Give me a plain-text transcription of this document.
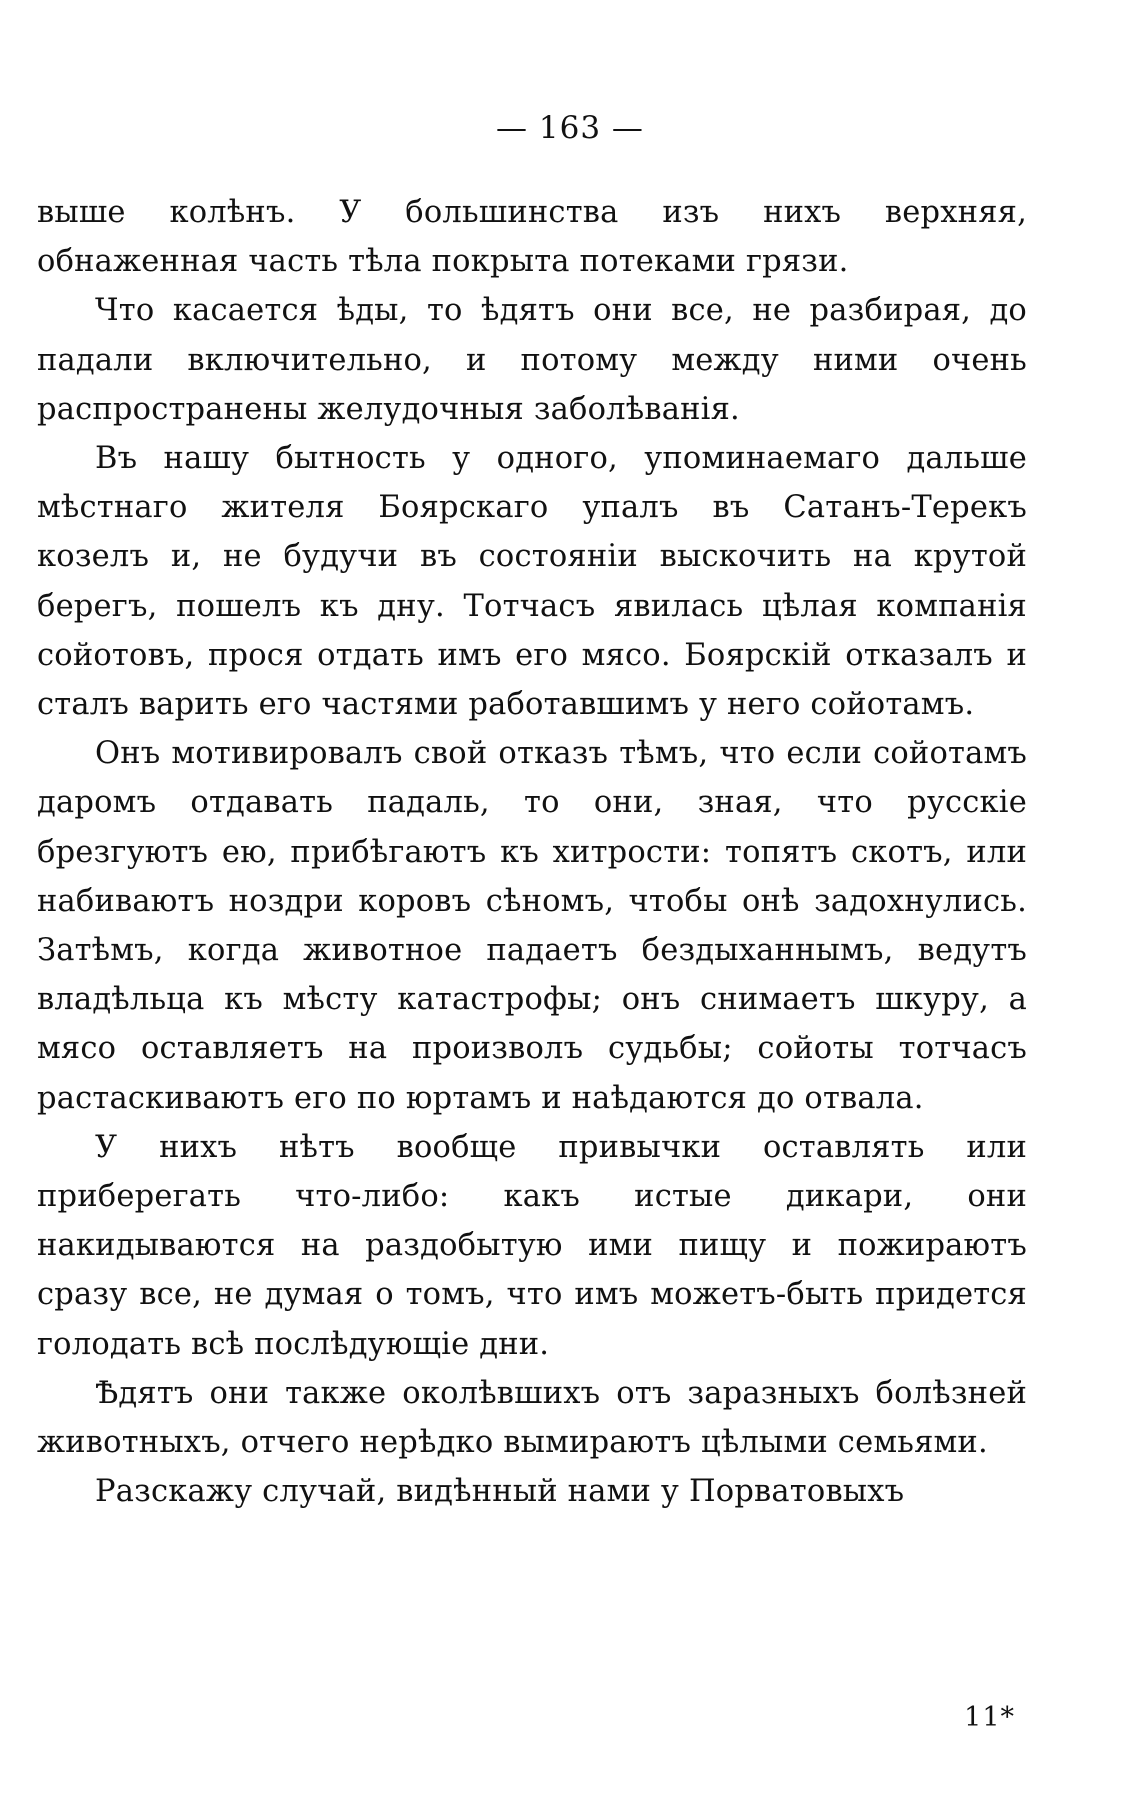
— 163 —

выше колѣнъ. У большинства изъ нихъ верхняя, обнаженная часть тѣла покрыта потеками грязи.

Что касается ѣды, то ѣдятъ они все, не разбирая, до падали включительно, и потому между ними очень распространены желудочныя заболѣванія.

Въ нашу бытность у одного, упоминаемаго дальше мѣстнаго жителя Боярскаго упалъ въ Сатанъ-Терекъ козелъ и, не будучи въ состояніи выскочить на крутой берегъ, пошелъ къ дну. Тотчасъ явилась цѣлая компанія сойотовъ, прося отдать имъ его мясо. Боярскій отказалъ и сталъ варить его частями работавшимъ у него сойотамъ.

Онъ мотивировалъ свой отказъ тѣмъ, что если сойотамъ даромъ отдавать падаль, то они, зная, что русскіе брезгуютъ ею, прибѣгаютъ къ хитрости: топятъ скотъ, или набиваютъ ноздри коровъ сѣномъ, чтобы онѣ задохнулись. Затѣмъ, когда животное падаетъ бездыханнымъ, ведутъ владѣльца къ мѣсту катастрофы; онъ снимаетъ шкуру, а мясо оставляетъ на произволъ судьбы; сойоты тотчасъ растаскиваютъ его по юртамъ и наѣдаются до отвала.

У нихъ нѣтъ вообще привычки оставлять или приберегать что-либо: какъ истые дикари, они накидываются на раздобытую ими пищу и пожираютъ сразу все, не думая о томъ, что имъ можетъ-быть придется голодать всѣ послѣдующіе дни.

Ѣдятъ они также околѣвшихъ отъ заразныхъ болѣзней животныхъ, отчего нерѣдко вымираютъ цѣлыми семьями.

Разскажу случай, видѣнный нами у Порватовыхъ

11*
